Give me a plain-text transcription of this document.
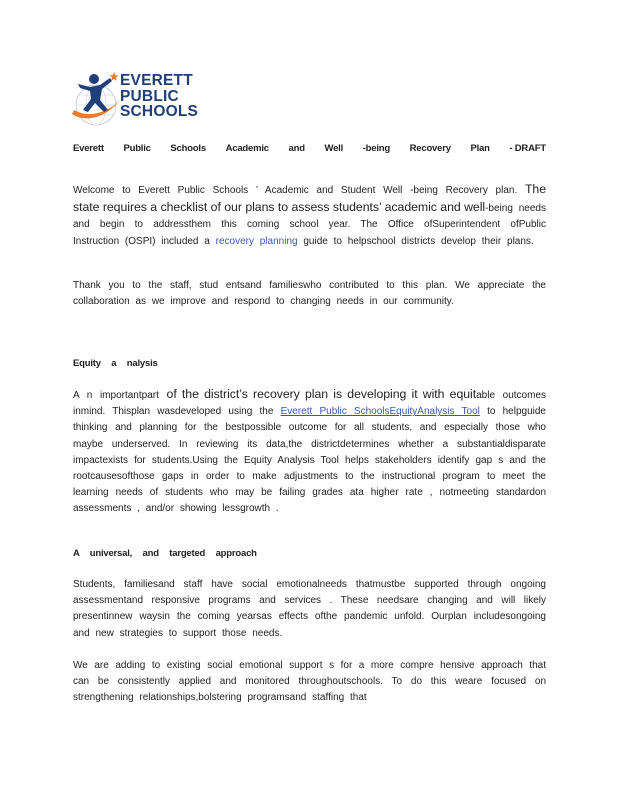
EVERETT
PUBLIC
SCHOOLS
Everett Public Schools Academic and Well -being Recovery Plan - DRAFT
Welcome to Everett Public Schools ’ Academic and Student Well -being Recovery plan. The state requires a checklist of our plans to assess students’ academic and well-being needs and begin to addressthem this coming school year. The Office ofSuperintendent ofPublic Instruction (OSPI) included a recovery planning guide to helpschool districts develop their plans.
Thank you to the staff, stud entsand familieswho contributed to this plan. We appreciate the collaboration as we improve and respond to changing needs in our community.
Equity a nalysis
A n importantpart of the district’s recovery plan is developing it with equitable outcomes inmind. Thisplan wasdeveloped using the Everett Public SchoolsEquityAnalysis Tool to helpguide thinking and planning for the bestpossible outcome for all students, and especially those who maybe underserved. In reviewing its data,the districtdetermines whether a substantialdisparate impactexists for students.Using the Equity Analysis Tool helps stakeholders identify gap s and the rootcausesofthose gaps in order to make adjustments to the instructional program to meet the learning needs of students who may be failing grades ata higher rate , notmeeting standardon assessments , and/or showing lessgrowth .
A universal, and targeted approach
Students, familiesand staff have social emotionalneeds thatmustbe supported through ongoing assessmentand responsive programs and services . These needsare changing and will likely presentinnew waysin the coming yearsas effects ofthe pandemic unfold. Ourplan includesongoing and new strategies to support those needs.
We are adding to existing social emotional support s for a more compre hensive approach that can be consistently applied and monitored throughoutschools. To do this weare focused on strengthening relationships,bolstering programsand staffing that
